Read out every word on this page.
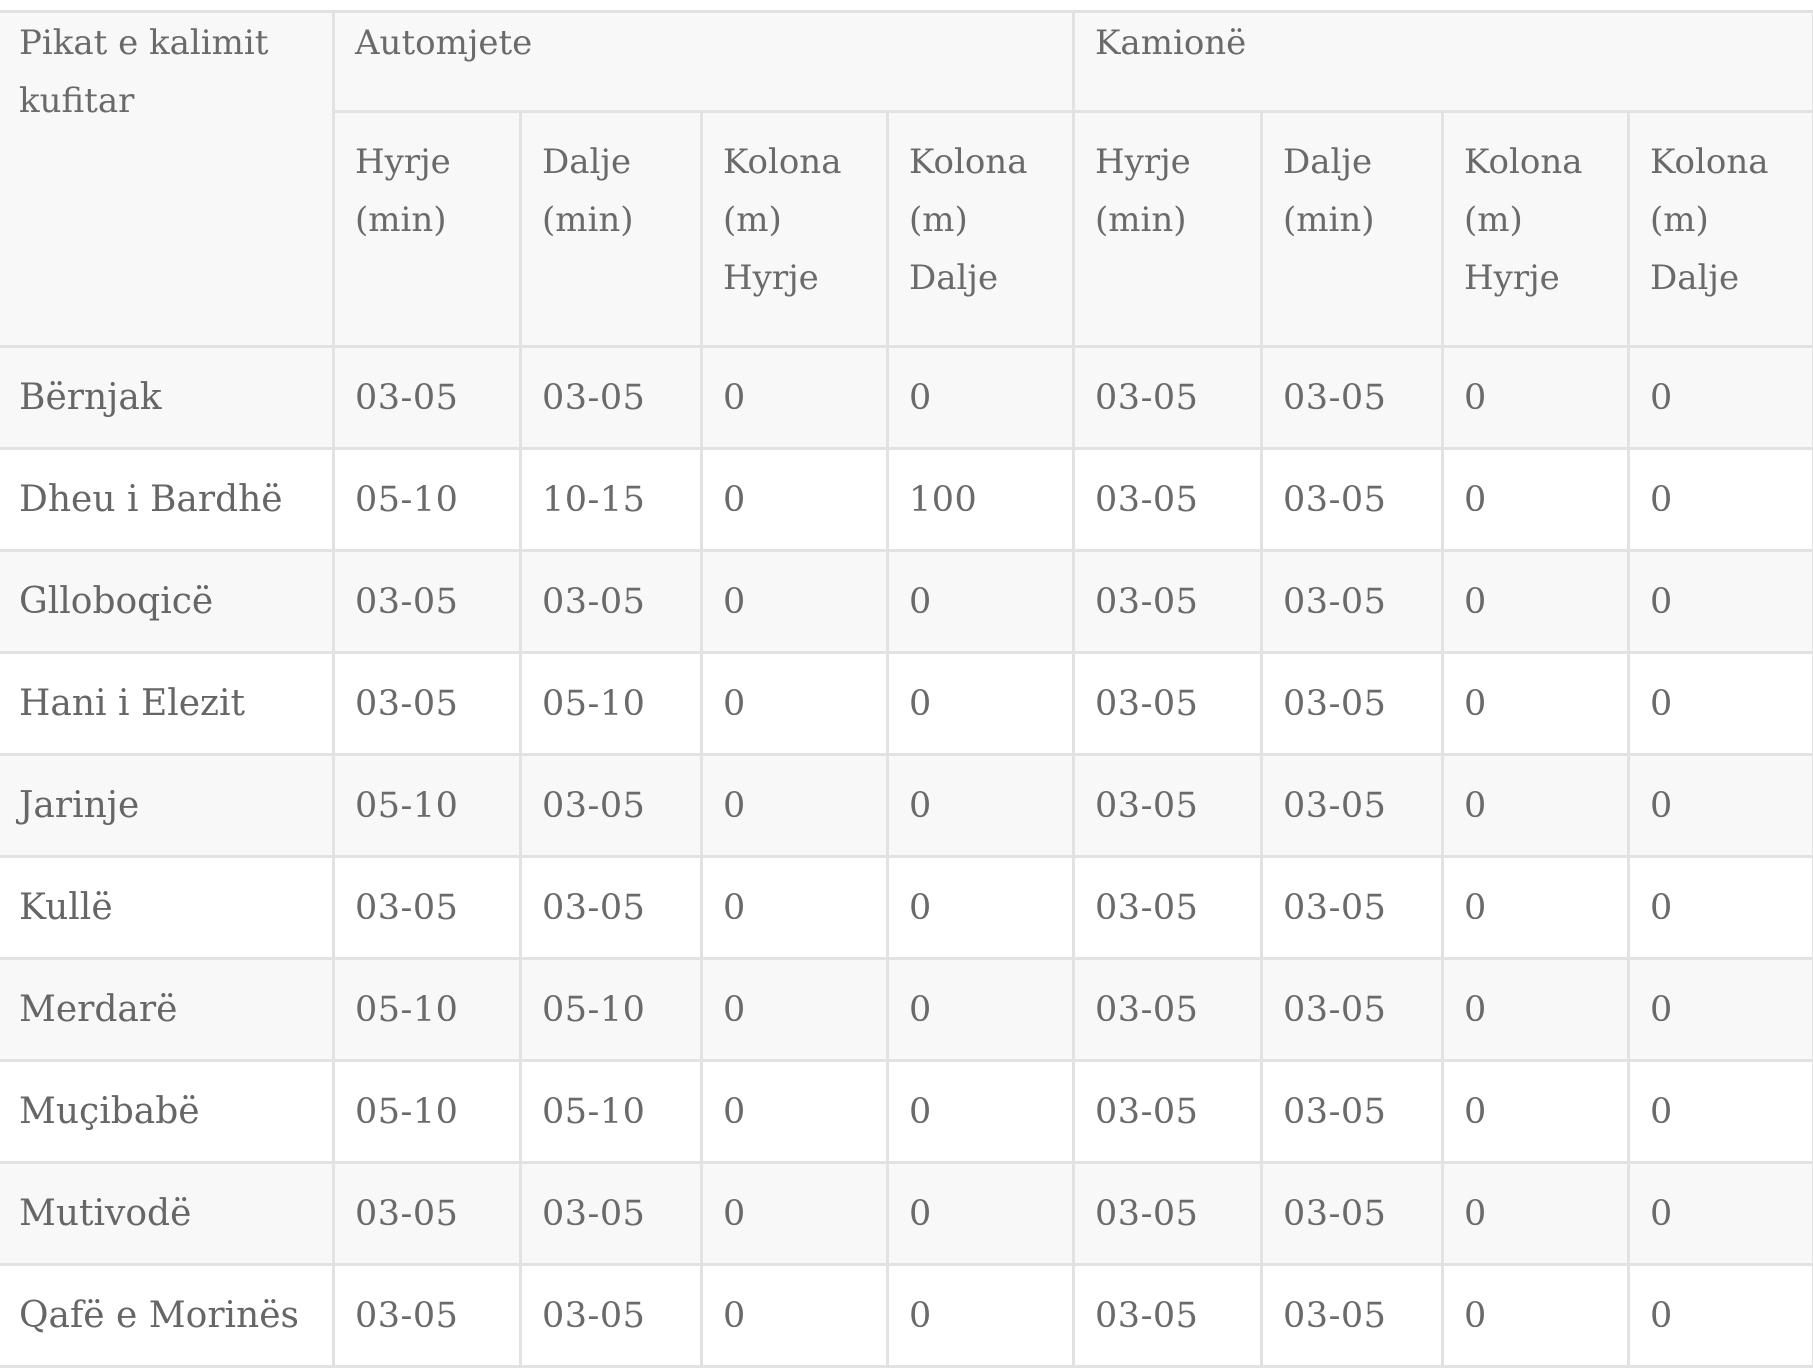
Pikat e kalimit kufitar	Automjete				Kamionë			
	Hyrje (min)	Dalje (min)	Kolona (m) Hyrje	Kolona (m) Dalje	Hyrje (min)	Dalje (min)	Kolona (m) Hyrje	Kolona (m) Dalje
Bërnjak	03-05	03-05	0	0	03-05	03-05	0	0
Dheu i Bardhë	05-10	10-15	0	100	03-05	03-05	0	0
Glloboqicë	03-05	03-05	0	0	03-05	03-05	0	0
Hani i Elezit	03-05	05-10	0	0	03-05	03-05	0	0
Jarinje	05-10	03-05	0	0	03-05	03-05	0	0
Kullë	03-05	03-05	0	0	03-05	03-05	0	0
Merdarë	05-10	05-10	0	0	03-05	03-05	0	0
Muçibabë	05-10	05-10	0	0	03-05	03-05	0	0
Mutivodë	03-05	03-05	0	0	03-05	03-05	0	0
Qafë e Morinës	03-05	03-05	0	0	03-05	03-05	0	0
